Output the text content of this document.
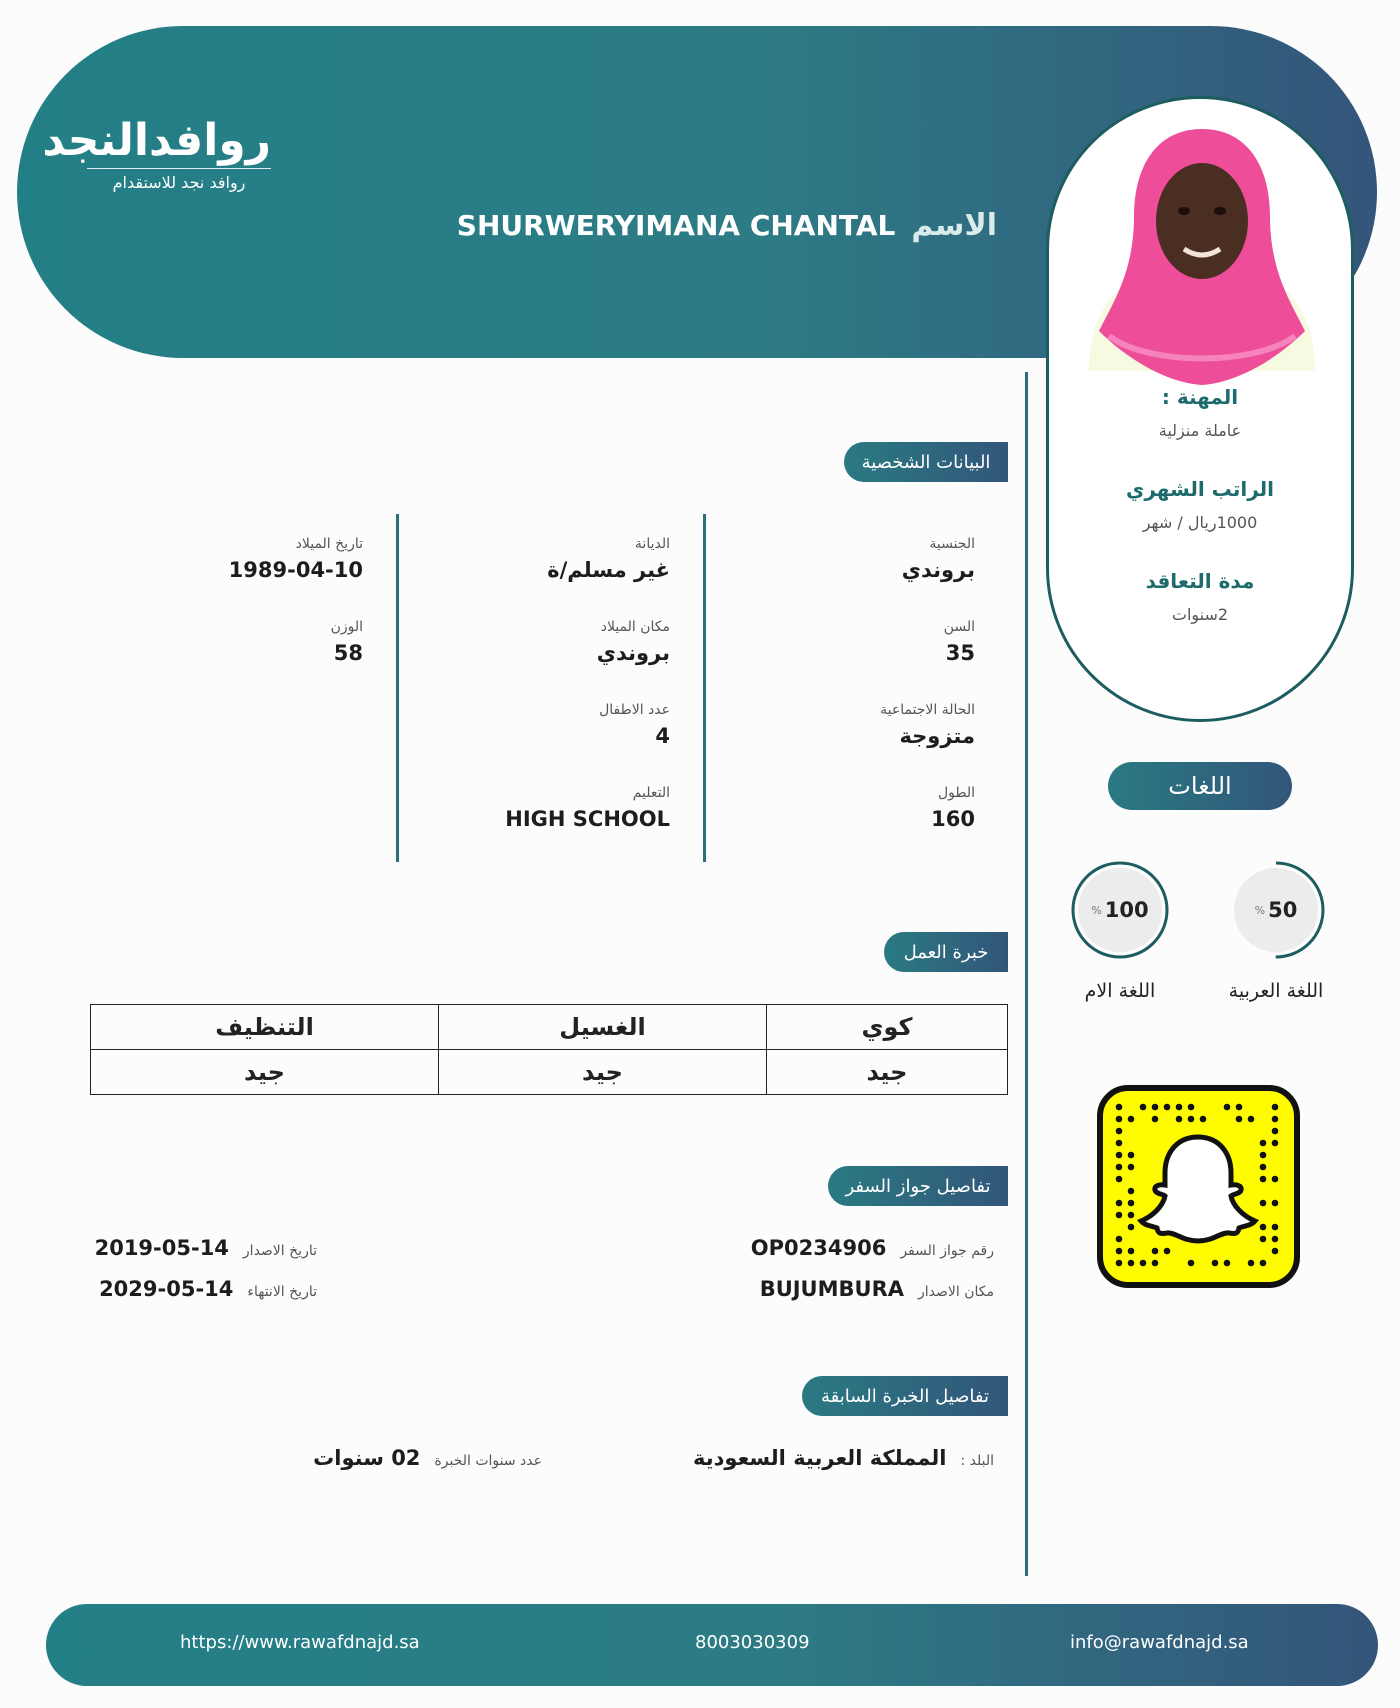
روافدالنجد
روافد نجد للاستقدام
الاسم
SHURWERYIMANA CHANTAL
المهنة :
عاملة منزلية
الراتب الشهري
1000ريال / شهر
مدة التعاقد
2سنوات
البيانات الشخصية
الجنسية
بروندي
السن
35
الحالة الاجتماعية
متزوجة
الطول
160
الديانة
غير مسلم/ة
مكان الميلاد
بروندي
عدد الاطفال
4
التعليم
HIGH SCHOOL
تاريخ الميلاد
1989-04-10
الوزن
58
خبرة العمل
كوي	الغسيل	التنظيف
جيد	جيد	جيد
تفاصيل جواز السفر
رقم جواز السفر
OP0234906
مكان الاصدار
BUJUMBURA
تاريخ الاصدار
2019-05-14
تاريخ الانتهاء
2029-05-14
تفاصيل الخبرة السابقة
البلد :
المملكة العربية السعودية
عدد سنوات الخبرة
02 سنوات
اللغات
% 50
اللغة العربية
% 100
اللغة الام
https://www.rawafdnajd.sa	8003030309	info@rawafdnajd.sa
